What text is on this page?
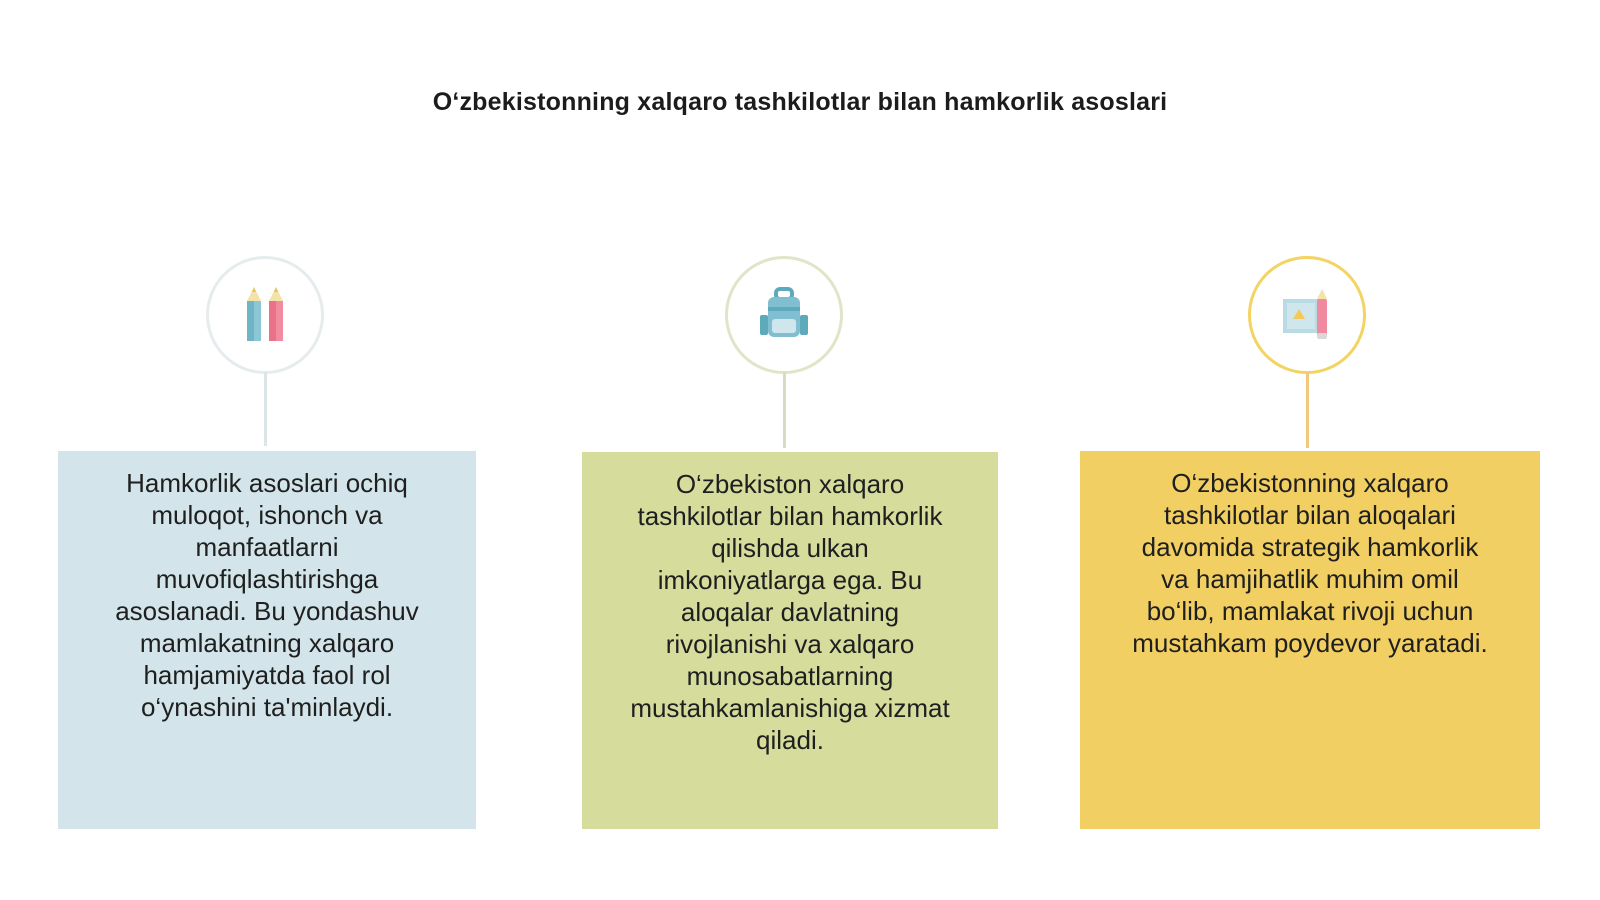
O‘zbekistonning xalqaro tashkilotlar bilan hamkorlik asoslari
Hamkorlik asoslari ochiq
muloqot, ishonch va
manfaatlarni
muvofiqlashtirishga
asoslanadi. Bu yondashuv
mamlakatning xalqaro
hamjamiyatda faol rol
o‘ynashini ta'minlaydi.
O‘zbekiston xalqaro
tashkilotlar bilan hamkorlik
qilishda ulkan
imkoniyatlarga ega. Bu
aloqalar davlatning
rivojlanishi va xalqaro
munosabatlarning
mustahkamlanishiga xizmat
qiladi.
O‘zbekistonning xalqaro
tashkilotlar bilan aloqalari
davomida strategik hamkorlik
va hamjihatlik muhim omil
bo‘lib, mamlakat rivoji uchun
mustahkam poydevor yaratadi.
